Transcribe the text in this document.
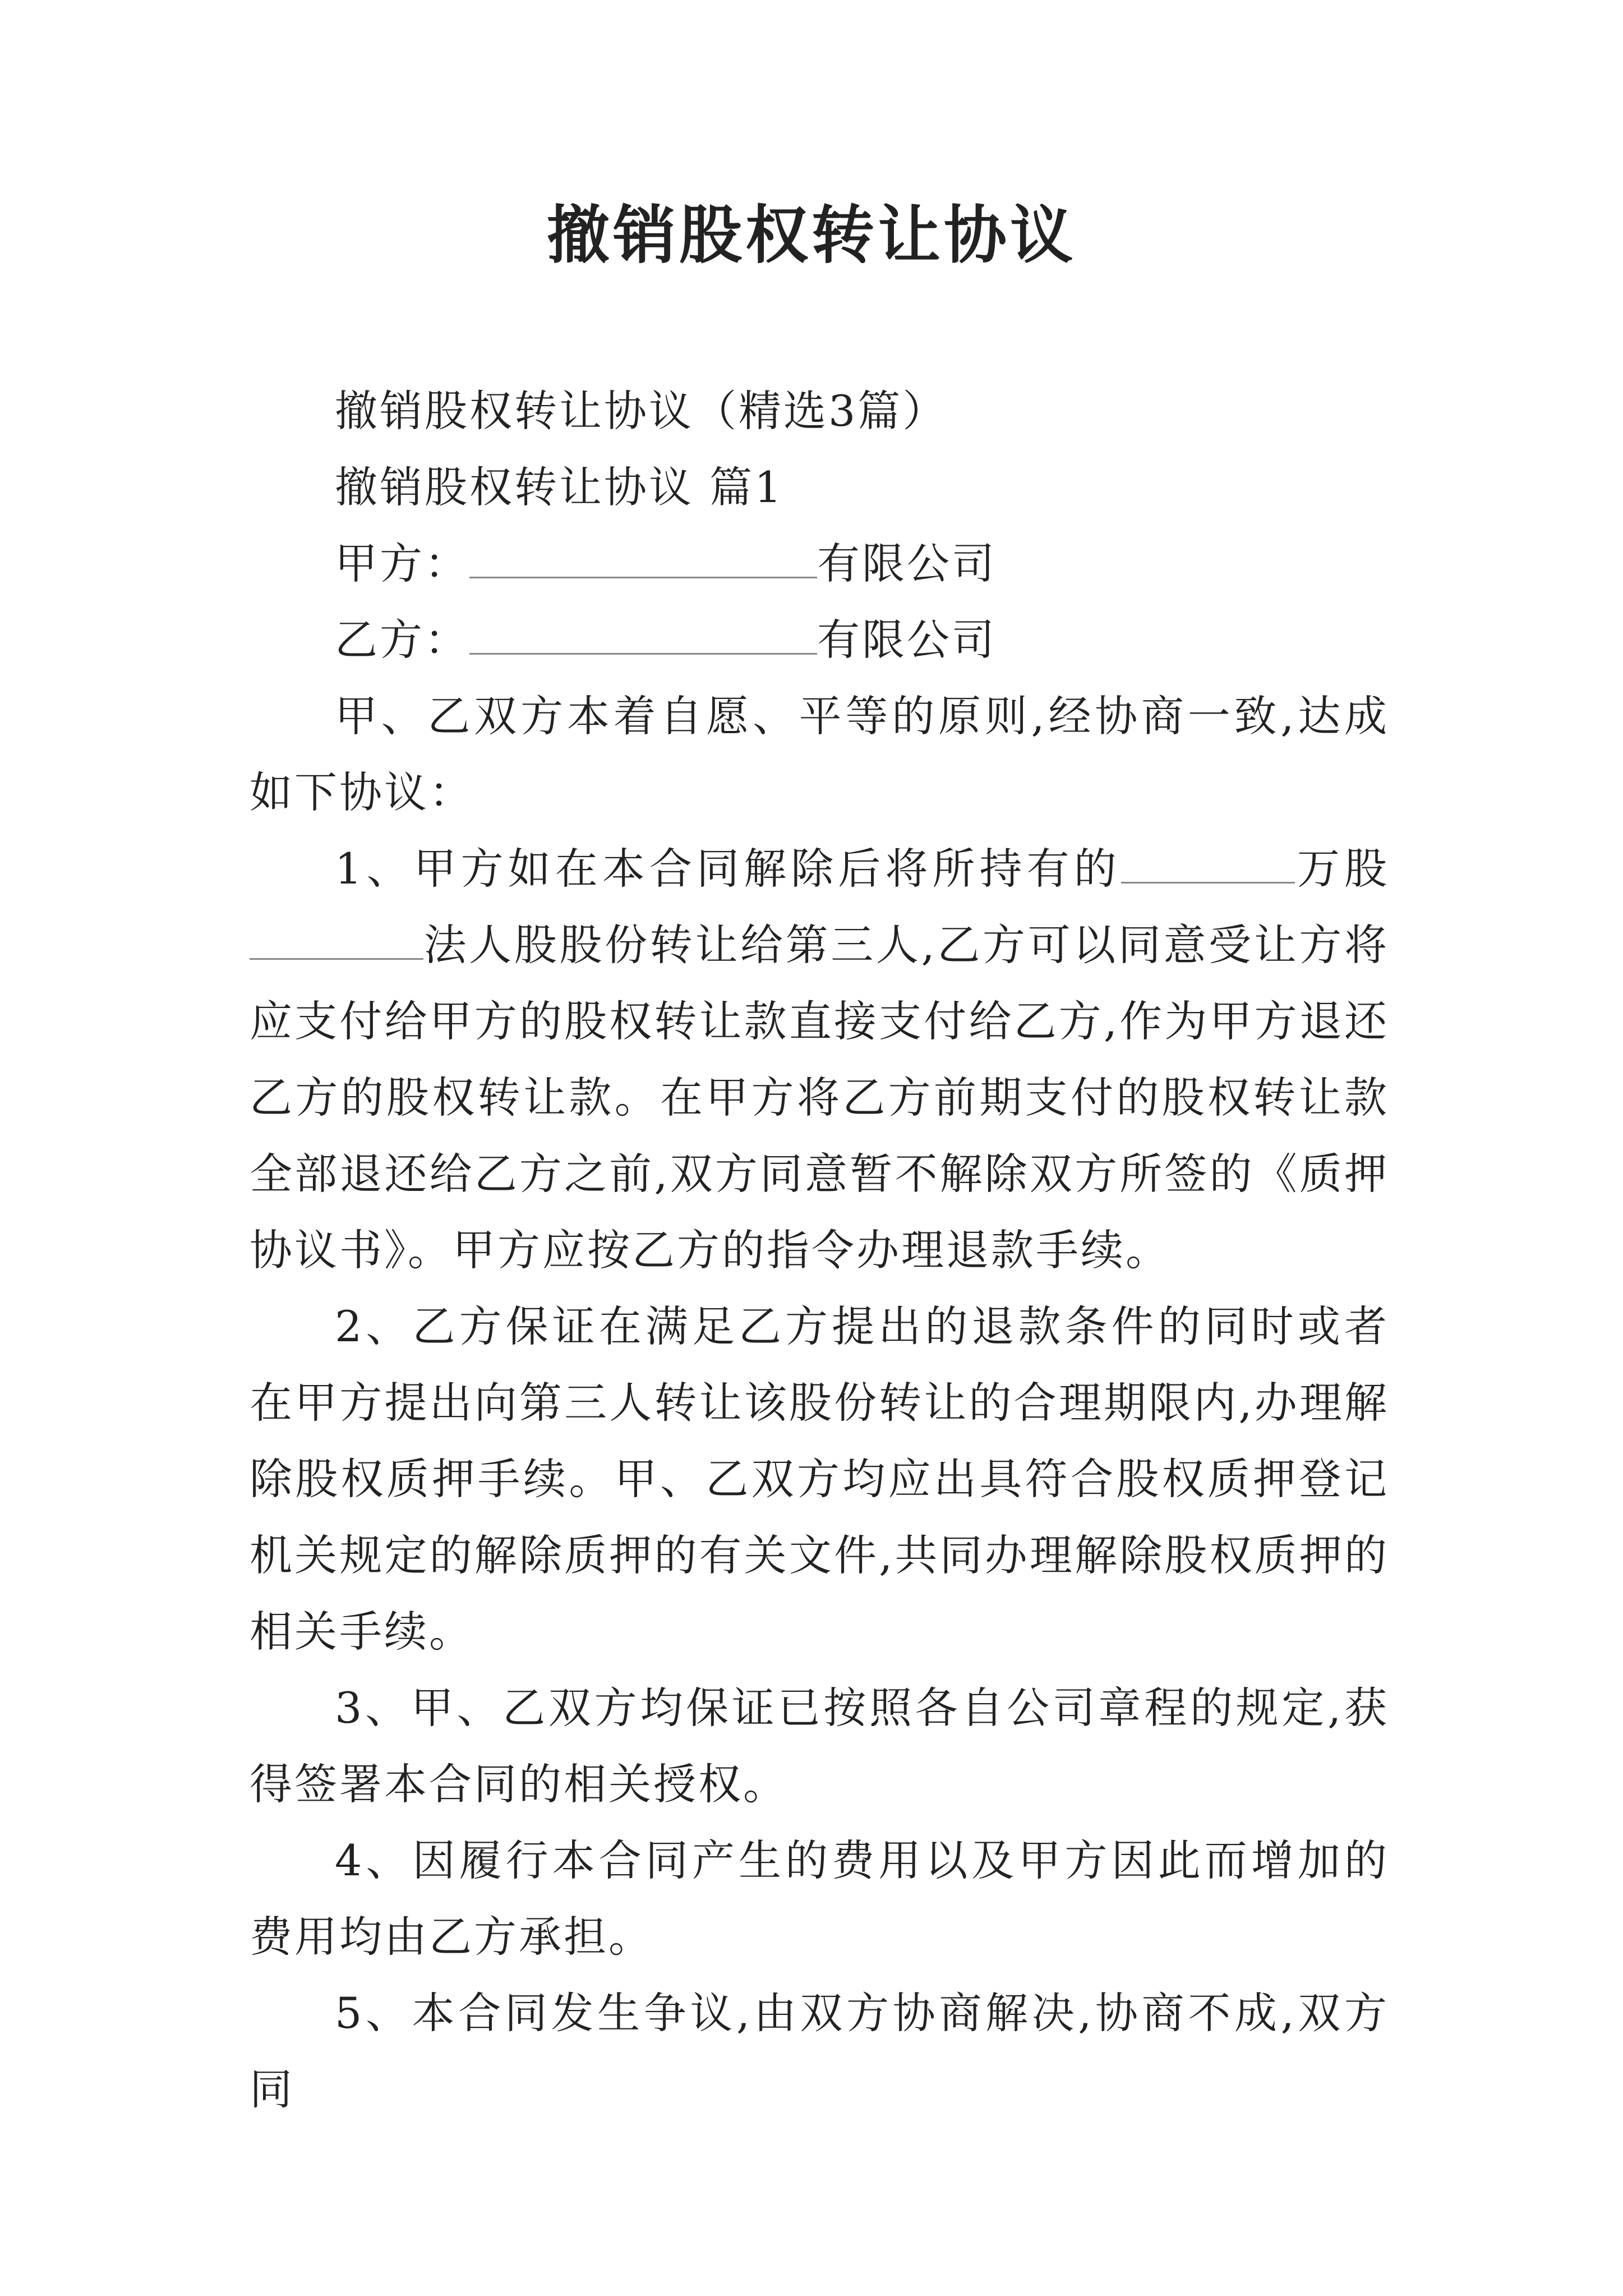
撤销股权转让协议

撤销股权转让协议（精选3篇）

撤销股权转让协议 篇1

甲方：	有限公司

乙方：	有限公司

甲、乙双方本着自愿、平等的原则,经协商一致,达成如下协议：

1、甲方如在本合同解除后将所持有的	万股法人股股份转让给第三人,乙方可以同意受让方将应支付给甲方的股权转让款直接支付给乙方,作为甲方退还乙方的股权转让款。在甲方将乙方前期支付的股权转让款全部退还给乙方之前,双方同意暂不解除双方所签的《质押协议书》。甲方应按乙方的指令办理退款手续。

2、乙方保证在满足乙方提出的退款条件的同时或者在甲方提出向第三人转让该股份转让的合理期限内,办理解除股权质押手续。甲、乙双方均应出具符合股权质押登记机关规定的解除质押的有关文件,共同办理解除股权质押的相关手续。

3、甲、乙双方均保证已按照各自公司章程的规定,获得签署本合同的相关授权。

4、因履行本合同产生的费用以及甲方因此而增加的费用均由乙方承担。

5、本合同发生争议,由双方协商解决,协商不成,双方同
